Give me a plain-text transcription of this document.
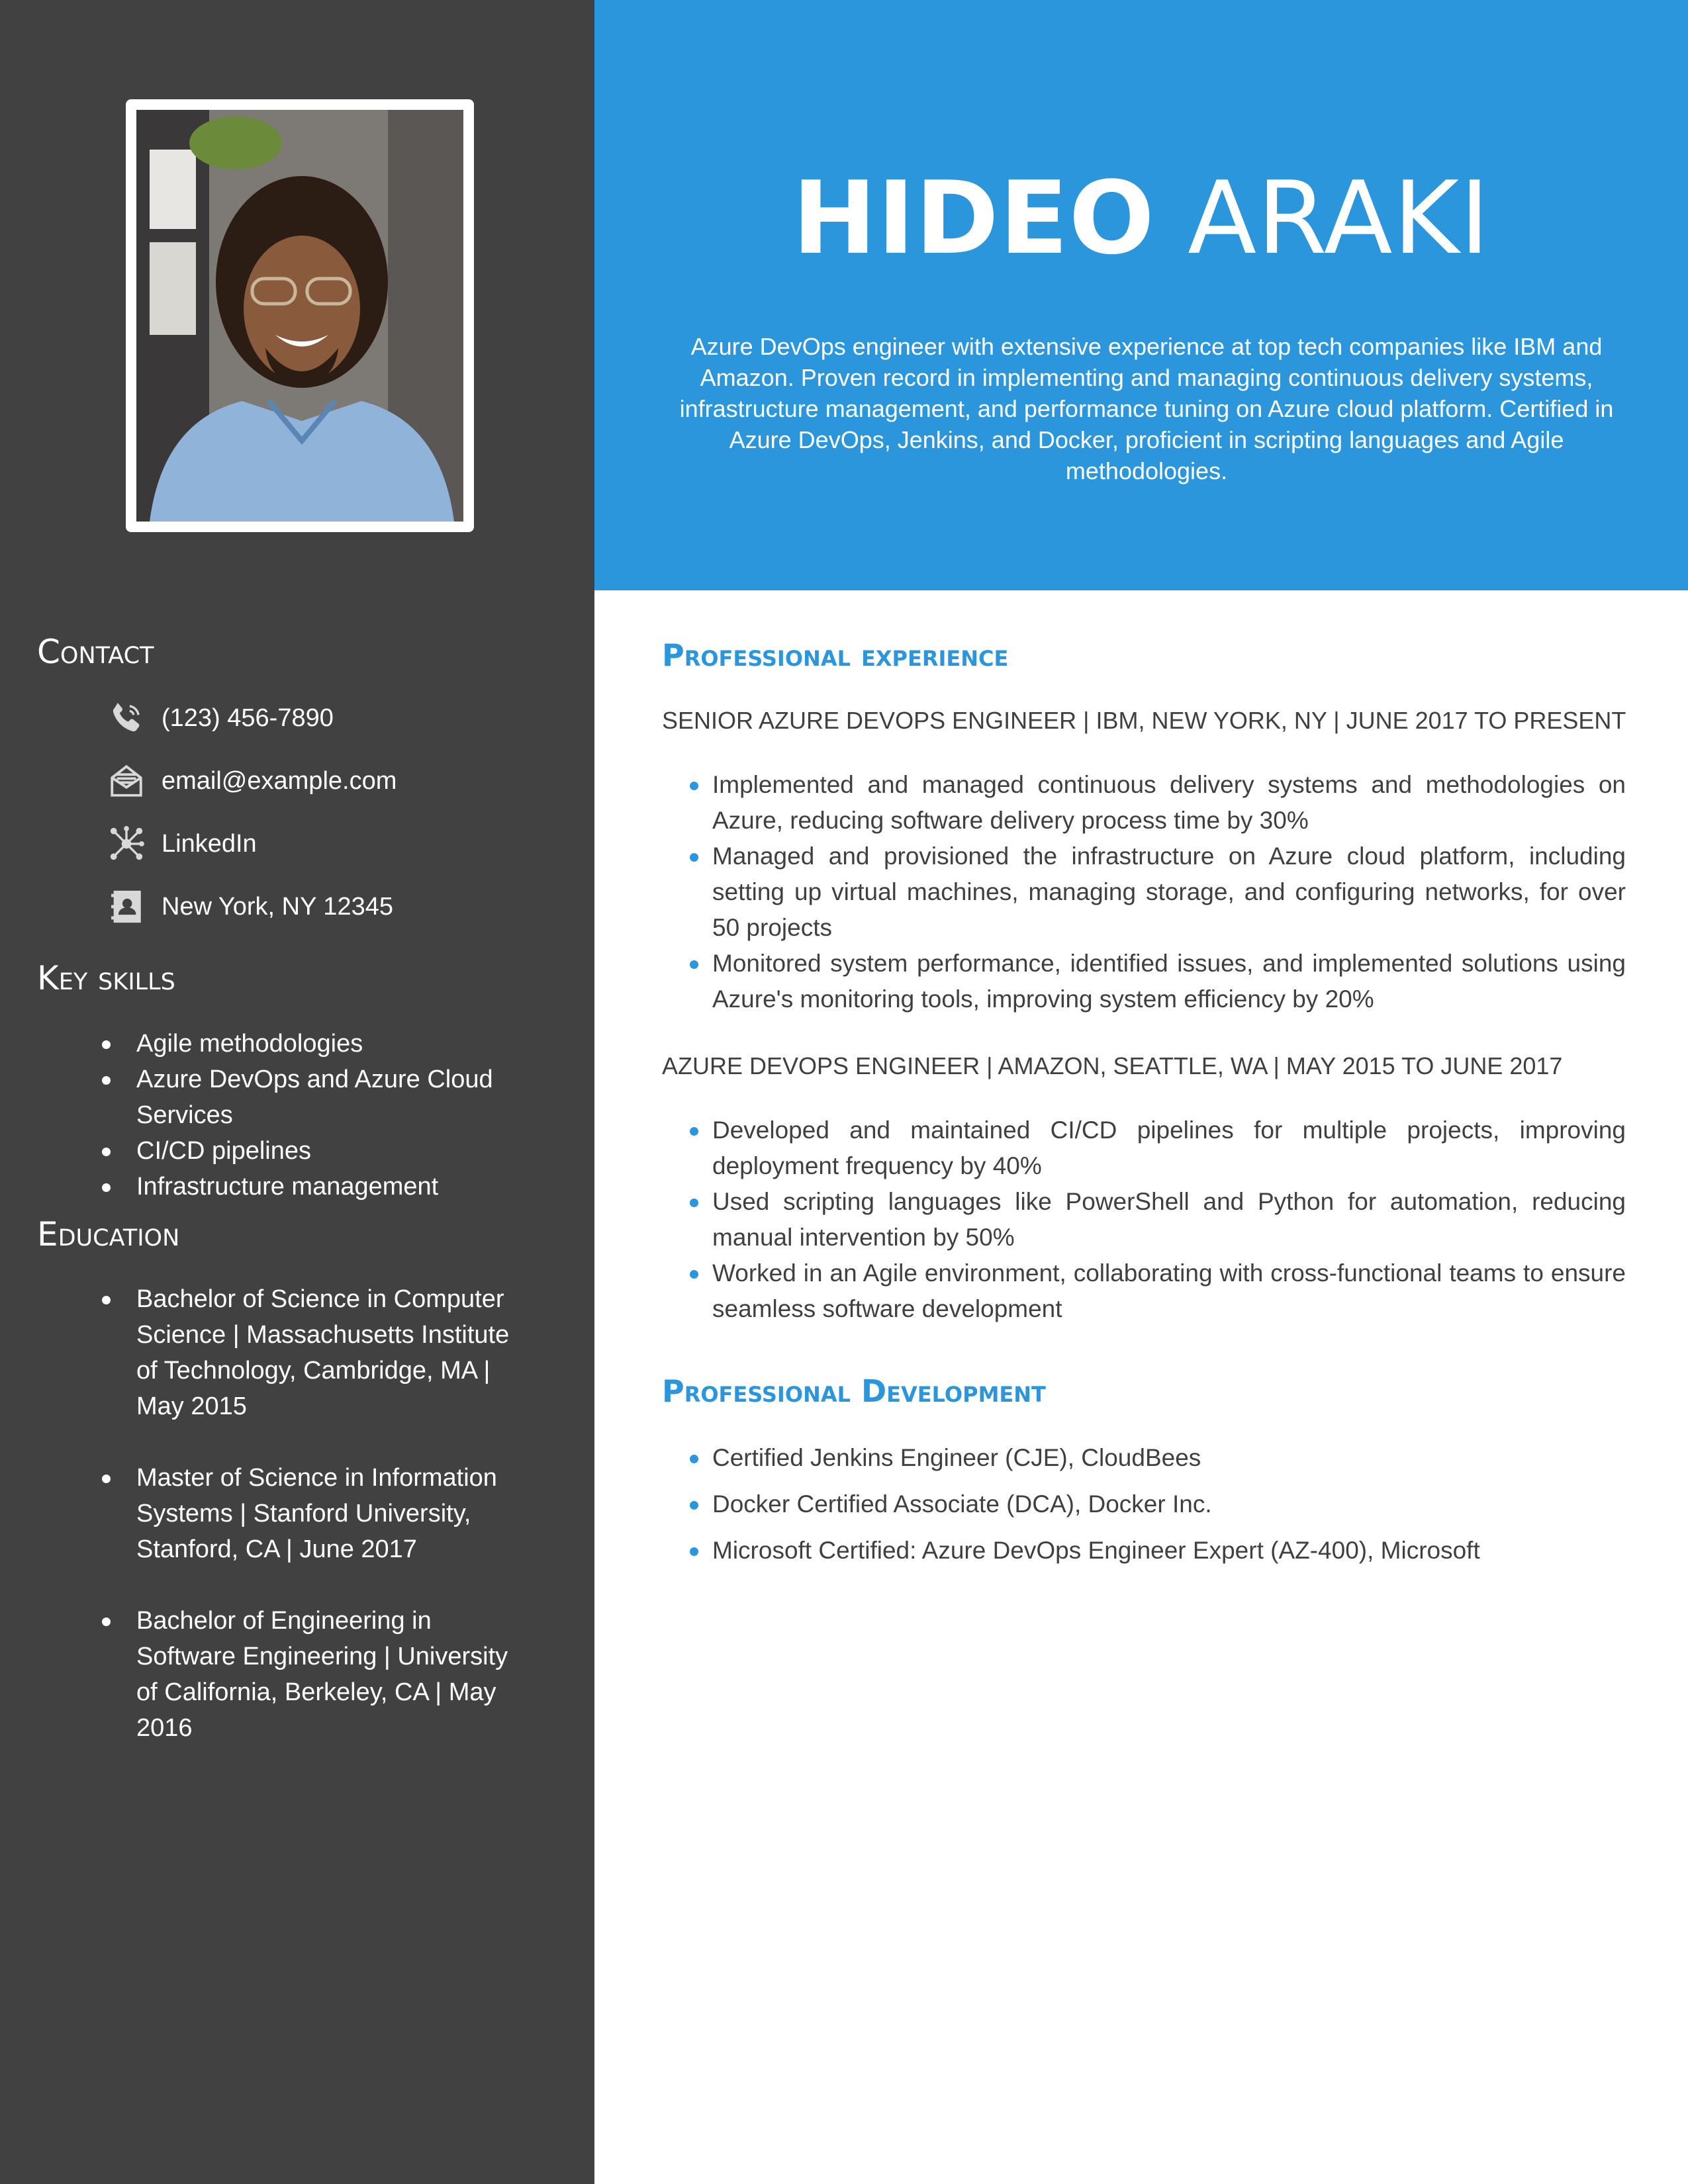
HIDEO ARAKI
Azure DevOps engineer with extensive experience at top tech companies like IBM and Amazon. Proven record in implementing and managing continuous delivery systems, infrastructure management, and performance tuning on Azure cloud platform. Certified in Azure DevOps, Jenkins, and Docker, proficient in scripting languages and Agile methodologies.
Contact
(123) 456-7890
email@example.com
LinkedIn
New York, NY 12345
Key skills
Agile methodologies
Azure DevOps and Azure Cloud Services
CI/CD pipelines
Infrastructure management
Education
Bachelor of Science in Computer Science | Massachusetts Institute of Technology, Cambridge, MA | May 2015
Master of Science in Information Systems | Stanford University, Stanford, CA | June 2017
Bachelor of Engineering in Software Engineering | University of California, Berkeley, CA | May 2016
Professional experience
SENIOR AZURE DEVOPS ENGINEER | IBM, NEW YORK, NY | JUNE 2017 TO PRESENT
Implemented and managed continuous delivery systems and methodologies on Azure, reducing software delivery process time by 30%
Managed and provisioned the infrastructure on Azure cloud platform, including setting up virtual machines, managing storage, and configuring networks, for over 50 projects
Monitored system performance, identified issues, and implemented solutions using Azure's monitoring tools, improving system efficiency by 20%
AZURE DEVOPS ENGINEER | AMAZON, SEATTLE, WA | MAY 2015 TO JUNE 2017
Developed and maintained CI/CD pipelines for multiple projects, improving deployment frequency by 40%
Used scripting languages like PowerShell and Python for automation, reducing manual intervention by 50%
Worked in an Agile environment, collaborating with cross-functional teams to ensure seamless software development
Professional Development
Certified Jenkins Engineer (CJE), CloudBees
Docker Certified Associate (DCA), Docker Inc.
Microsoft Certified: Azure DevOps Engineer Expert (AZ-400), Microsoft
